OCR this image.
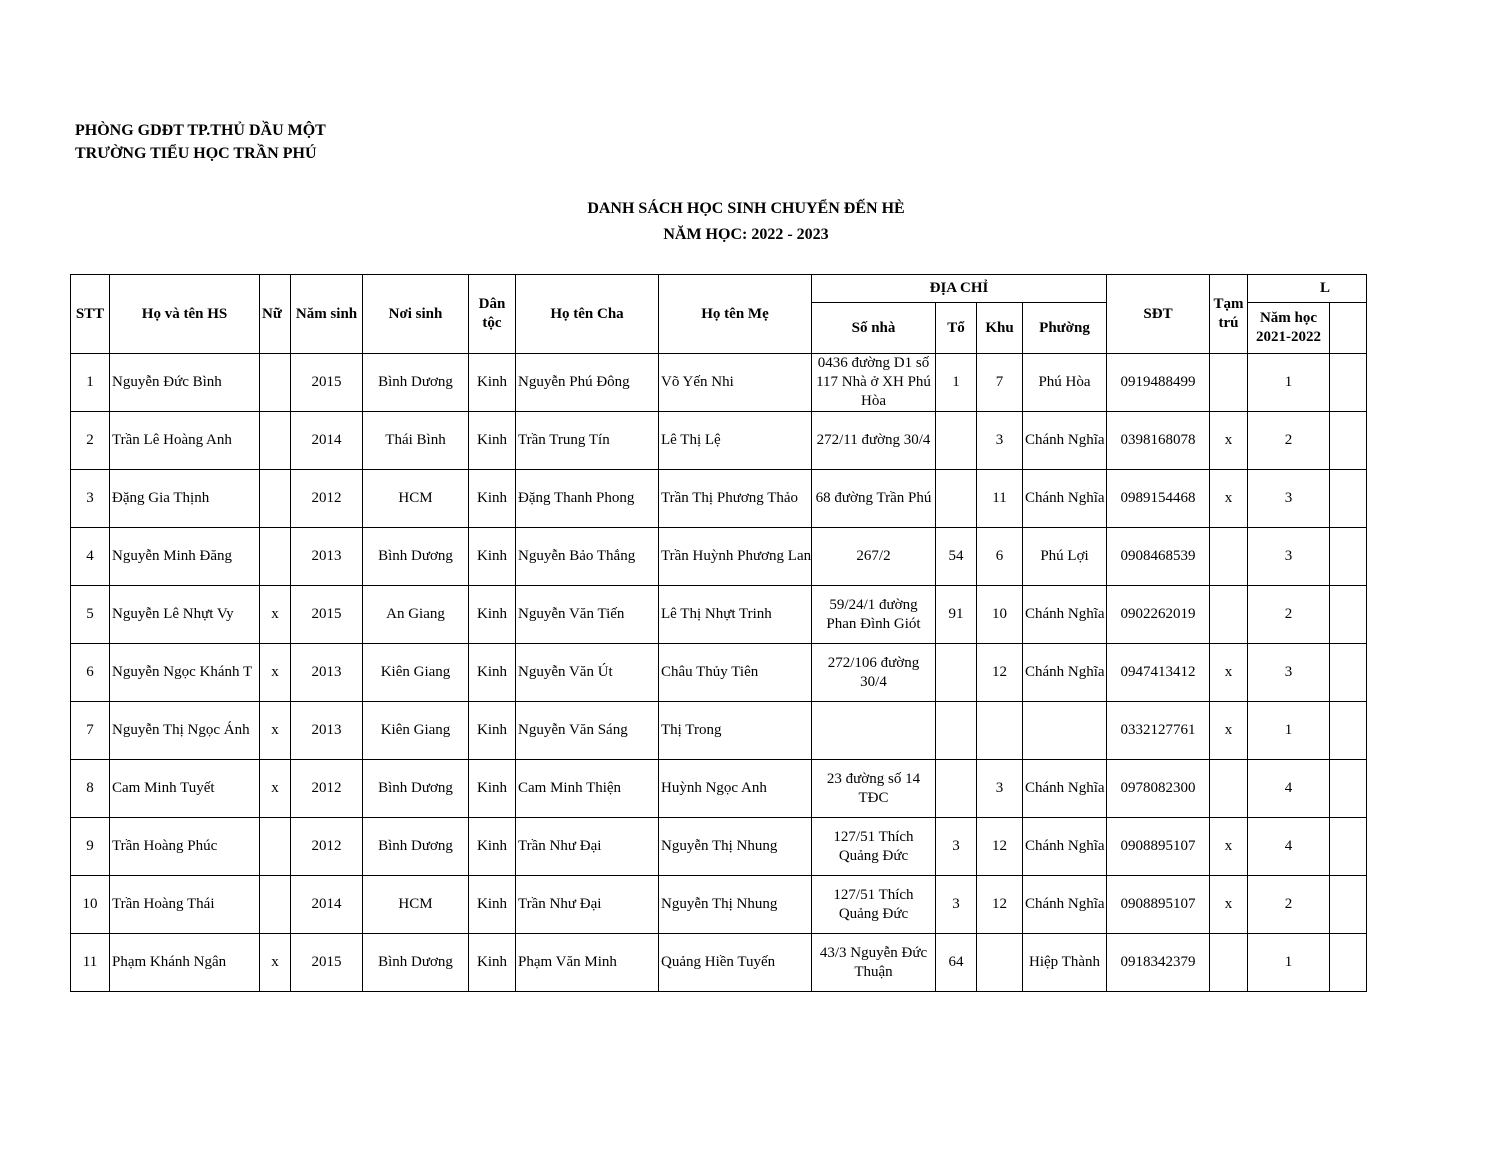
PHÒNG GDĐT TP.THỦ DẦU MỘT
TRƯỜNG TIỂU HỌC TRẦN PHÚ
DANH SÁCH HỌC SINH CHUYỂN ĐẾN HÈ
NĂM HỌC: 2022 - 2023
STT	Họ và tên HS	Nữ	Năm sinh	Nơi sinh	Dân tộc	Họ tên Cha	Họ tên Mẹ	ĐỊA CHỈ				SĐT	Tạm trú	L	
								Số nhà	Tổ	Khu	Phường			Năm học 2021-2022	
1	Nguyễn Đức Bình		2015	Bình Dương	Kinh	Nguyễn Phú Đông	Võ Yến Nhi	0436 đường D1 số 117 Nhà ở XH Phú Hòa	1	7	Phú Hòa	0919488499		1	
2	Trần Lê Hoàng Anh		2014	Thái Bình	Kinh	Trần Trung Tín	Lê Thị Lệ	272/11 đường 30/4		3	Chánh Nghĩa	0398168078	x	2	
3	Đặng Gia Thịnh		2012	HCM	Kinh	Đặng Thanh Phong	Trần Thị Phương Thảo	68 đường Trần Phú		11	Chánh Nghĩa	0989154468	x	3	
4	Nguyễn Minh Đăng		2013	Bình Dương	Kinh	Nguyễn Bảo Thắng	Trần Huỳnh Phương Lan	267/2	54	6	Phú Lợi	0908468539		3	
5	Nguyễn Lê Nhựt Vy	x	2015	An Giang	Kinh	Nguyễn Văn Tiến	Lê Thị Nhựt Trinh	59/24/1 đường Phan Đình Giót	91	10	Chánh Nghĩa	0902262019		2	
6	Nguyễn Ngọc Khánh T	x	2013	Kiên Giang	Kinh	Nguyễn Văn Út	Châu Thủy Tiên	272/106 đường 30/4		12	Chánh Nghĩa	0947413412	x	3	
7	Nguyễn Thị Ngọc Ánh	x	2013	Kiên Giang	Kinh	Nguyễn Văn Sáng	Thị Trong					0332127761	x	1	
8	Cam Minh Tuyết	x	2012	Bình Dương	Kinh	Cam Minh Thiện	Huỳnh Ngọc Anh	23 đường số 14 TĐC		3	Chánh Nghĩa	0978082300		4	
9	Trần Hoàng Phúc		2012	Bình Dương	Kinh	Trần Như Đại	Nguyễn Thị Nhung	127/51 Thích Quảng Đức	3	12	Chánh Nghĩa	0908895107	x	4	
10	Trần Hoàng Thái		2014	HCM	Kinh	Trần Như Đại	Nguyễn Thị Nhung	127/51 Thích Quảng Đức	3	12	Chánh Nghĩa	0908895107	x	2	
11	Phạm Khánh Ngân	x	2015	Bình Dương	Kinh	Phạm Văn Minh	Quảng Hiền Tuyến	43/3 Nguyễn Đức Thuận	64		Hiệp Thành	0918342379		1	
